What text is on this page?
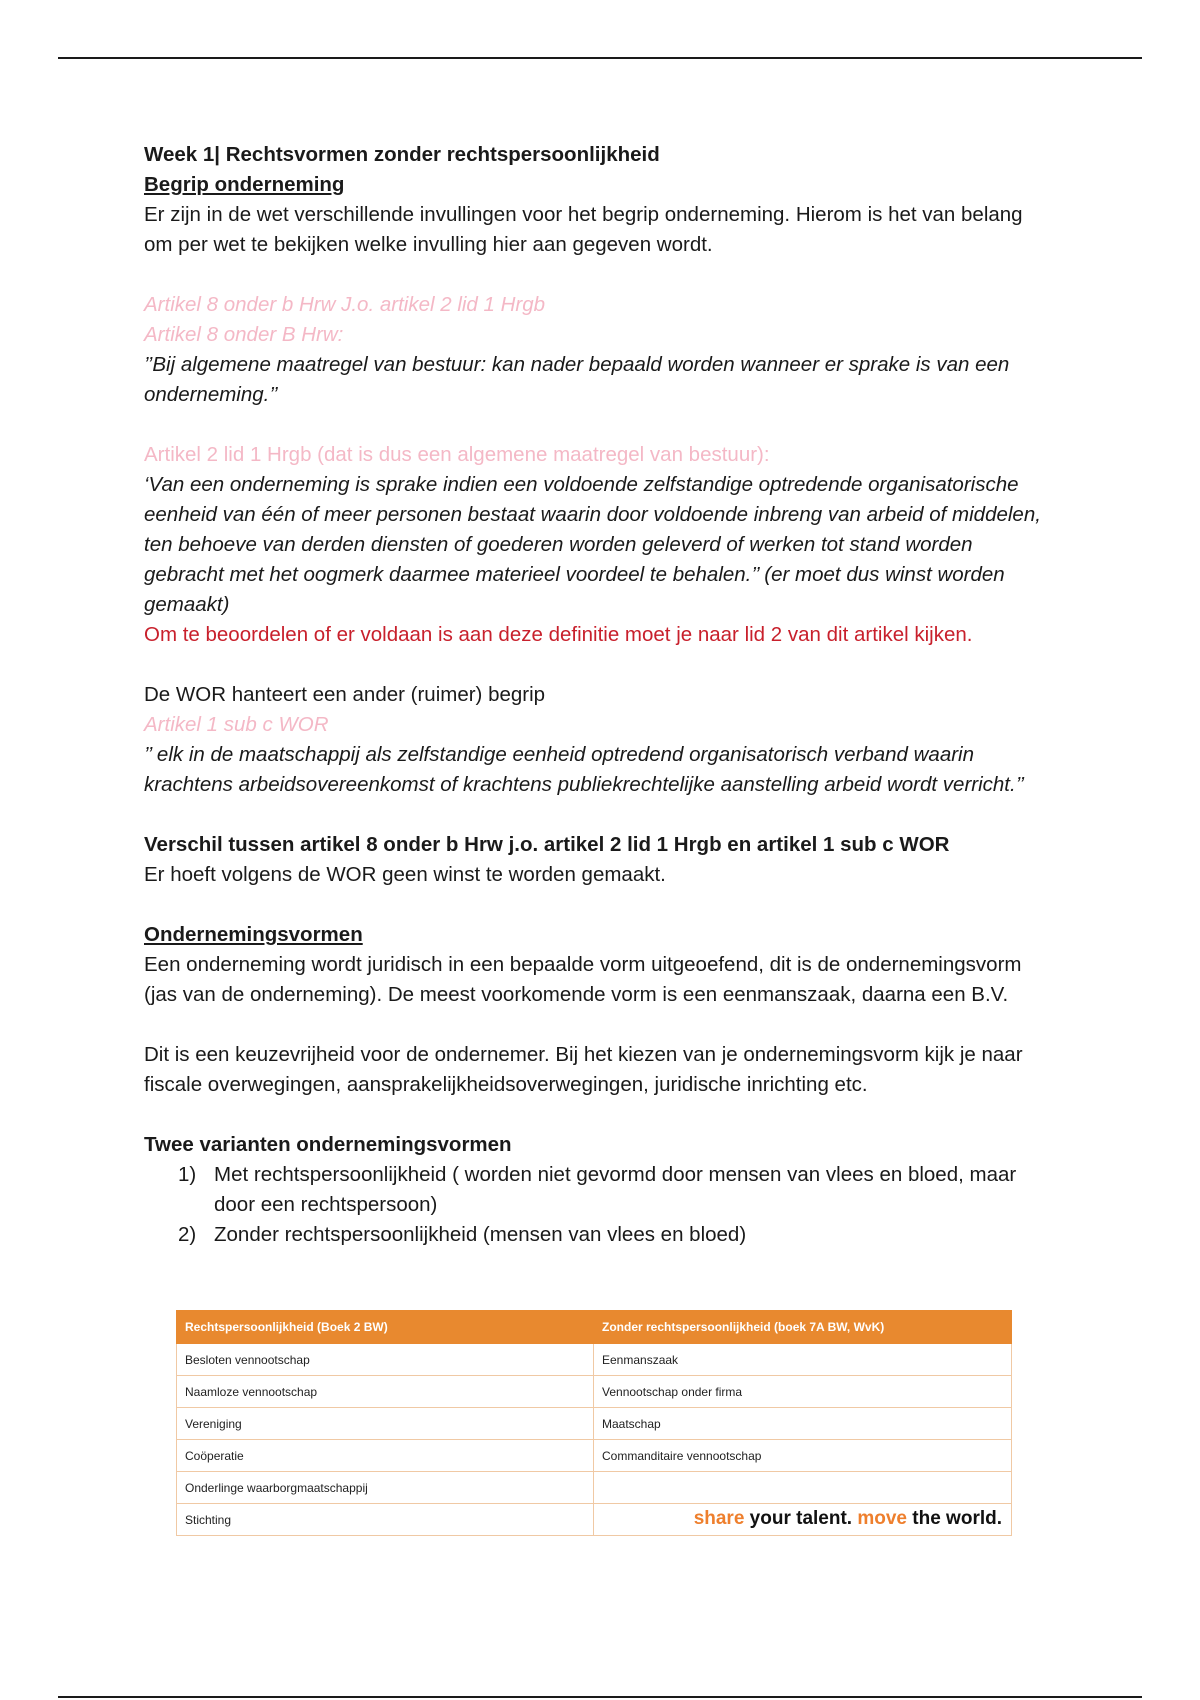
Week 1| Rechtsvormen zonder rechtspersoonlijkheid

Begrip onderneming

Er zijn in de wet verschillende invullingen voor het begrip onderneming. Hierom is het van belang om per wet te bekijken welke invulling hier aan gegeven wordt.

Artikel 8 onder b Hrw J.o. artikel 2 lid 1 Hrgb

Artikel 8 onder B Hrw:

’’Bij algemene maatregel van bestuur: kan nader bepaald worden wanneer er sprake is van een onderneming.’’

Artikel 2 lid 1 Hrgb (dat is dus een algemene maatregel van bestuur):

‘Van een onderneming is sprake indien een voldoende zelfstandige optredende organisatorische eenheid van één of meer personen bestaat waarin door voldoende inbreng van arbeid of middelen, ten behoeve van derden diensten of goederen worden geleverd of werken tot stand worden gebracht met het oogmerk daarmee materieel voordeel te behalen.’’ (er moet dus winst worden gemaakt)

Om te beoordelen of er voldaan is aan deze definitie moet je naar lid 2 van dit artikel kijken.

De WOR hanteert een ander (ruimer) begrip

Artikel 1 sub c WOR

’’ elk in de maatschappij als zelfstandige eenheid optredend organisatorisch verband waarin krachtens arbeidsovereenkomst of krachtens publiekrechtelijke aanstelling arbeid wordt verricht.’’

Verschil tussen artikel 8 onder b Hrw j.o. artikel 2 lid 1 Hrgb en artikel 1 sub c WOR

Er hoeft volgens de WOR geen winst te worden gemaakt.

Ondernemingsvormen

Een onderneming wordt juridisch in een bepaalde vorm uitgeoefend, dit is de ondernemingsvorm (jas van de onderneming). De meest voorkomende vorm is een eenmanszaak, daarna een B.V.

Dit is een keuzevrijheid voor de ondernemer. Bij het kiezen van je ondernemingsvorm kijk je naar fiscale overwegingen, aansprakelijkheidsoverwegingen, juridische inrichting etc.

Twee varianten ondernemingsvormen

1) Met rechtspersoonlijkheid ( worden niet gevormd door mensen van vlees en bloed, maar door een rechtspersoon)
2) Zonder rechtspersoonlijkheid (mensen van vlees en bloed)
Rechtspersoonlijkheid (Boek 2 BW)	Zonder rechtspersoonlijkheid (boek 7A BW, WvK)
Besloten vennootschap	Eenmanszaak
Naamloze vennootschap	Vennootschap onder firma
Vereniging	Maatschap
Coöperatie	Commanditaire vennootschap
Onderlinge waarborgmaatschappij	
Stichting		share your talent. move the world.
